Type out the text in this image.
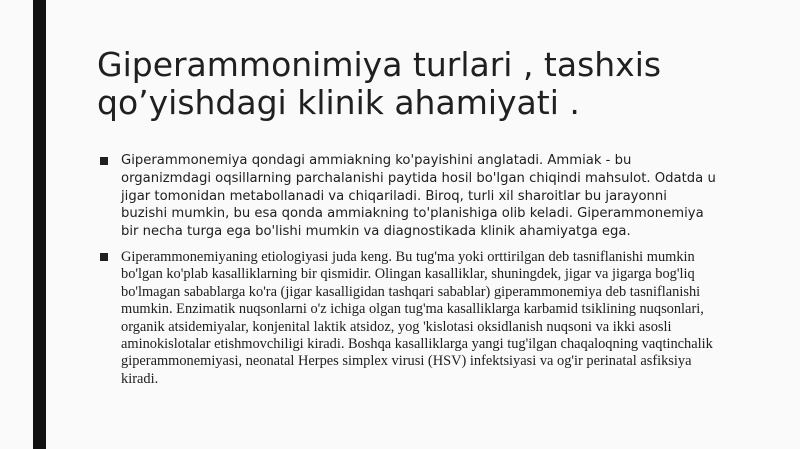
Giperammonimiya turlari , tashxis qo’yishdagi klinik ahamiyati .
Giperammonemiya qondagi ammiakning ko'payishini anglatadi. Ammiak - bu organizmdagi oqsillarning parchalanishi paytida hosil bo'lgan chiqindi mahsulot. Odatda u jigar tomonidan metabollanadi va chiqariladi. Biroq, turli xil sharoitlar bu jarayonni buzishi mumkin, bu esa qonda ammiakning to'planishiga olib keladi. Giperammonemiya bir necha turga ega bo'lishi mumkin va diagnostikada klinik ahamiyatga ega.
Giperammonemiyaning etiologiyasi juda keng. Bu tug'ma yoki orttirilgan deb tasniflanishi mumkin bo'lgan ko'plab kasalliklarning bir qismidir. Olingan kasalliklar, shuningdek, jigar va jigarga bog'liq bo'lmagan sabablarga ko'ra (jigar kasalligidan tashqari sabablar) giperammonemiya deb tasniflanishi mumkin. Enzimatik nuqsonlarni o'z ichiga olgan tug'ma kasalliklarga karbamid tsiklining nuqsonlari, organik atsidemiyalar, konjenital laktik atsidoz, yog 'kislotasi oksidlanish nuqsoni va ikki asosli aminokislotalar etishmovchiligi kiradi. Boshqa kasalliklarga yangi tug'ilgan chaqaloqning vaqtinchalik giperammonemiyasi, neonatal Herpes simplex virusi (HSV) infektsiyasi va og'ir perinatal asfiksiya kiradi.
